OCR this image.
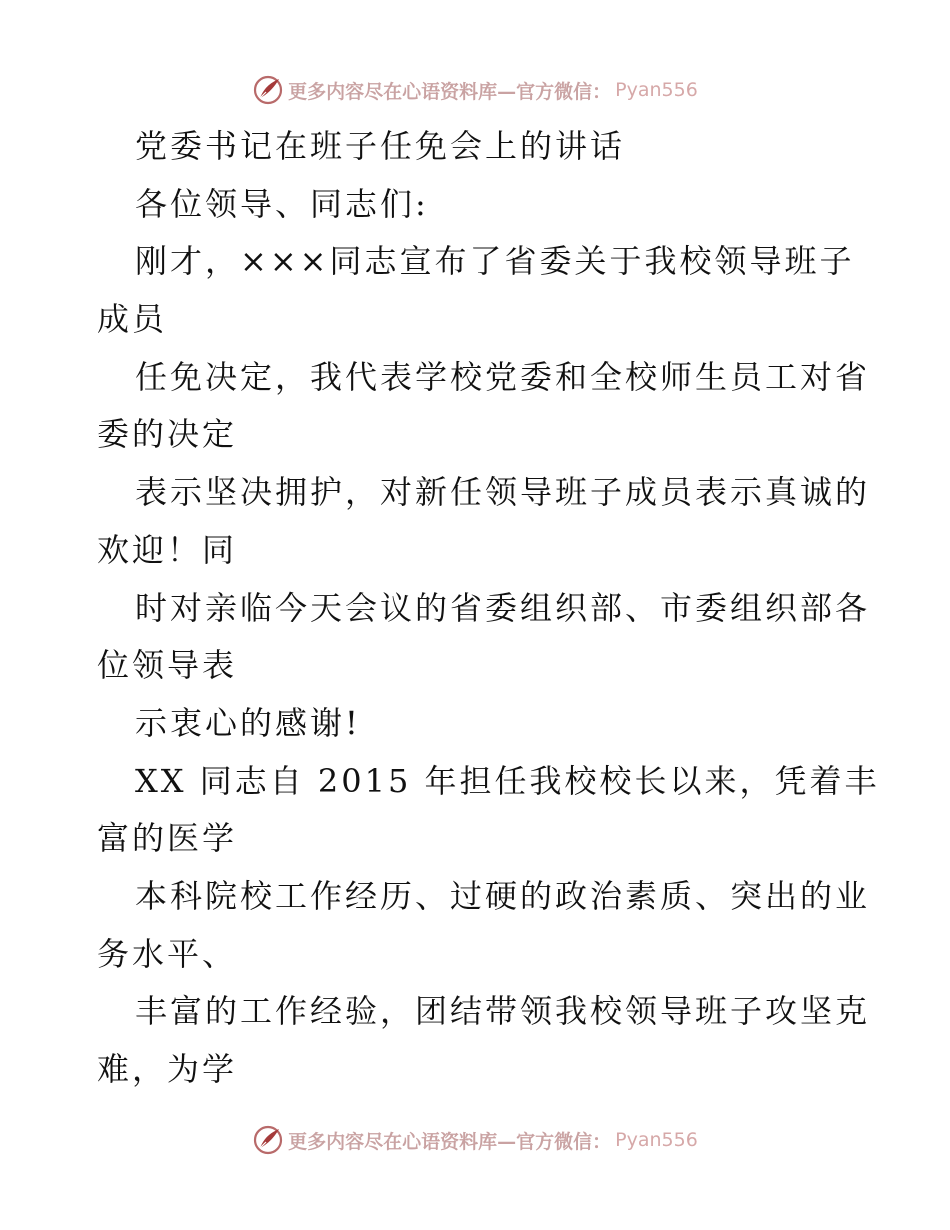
更多内容尽在心语资料库—官方微信： Pyan556
党委书记在班子任免会上的讲话
各位领导、同志们:
刚才，×××同志宣布了省委关于我校领导班子
成员
任免决定，我代表学校党委和全校师生员工对省
委的决定
表示坚决拥护，对新任领导班子成员表示真诚的
欢迎！同
时对亲临今天会议的省委组织部、市委组织部各
位领导表
示衷心的感谢!
XX 同志自 2015 年担任我校校长以来，凭着丰
富的医学
本科院校工作经历、过硬的政治素质、突出的业
务水平、
丰富的工作经验，团结带领我校领导班子攻坚克
难，为学
更多内容尽在心语资料库—官方微信： Pyan556
